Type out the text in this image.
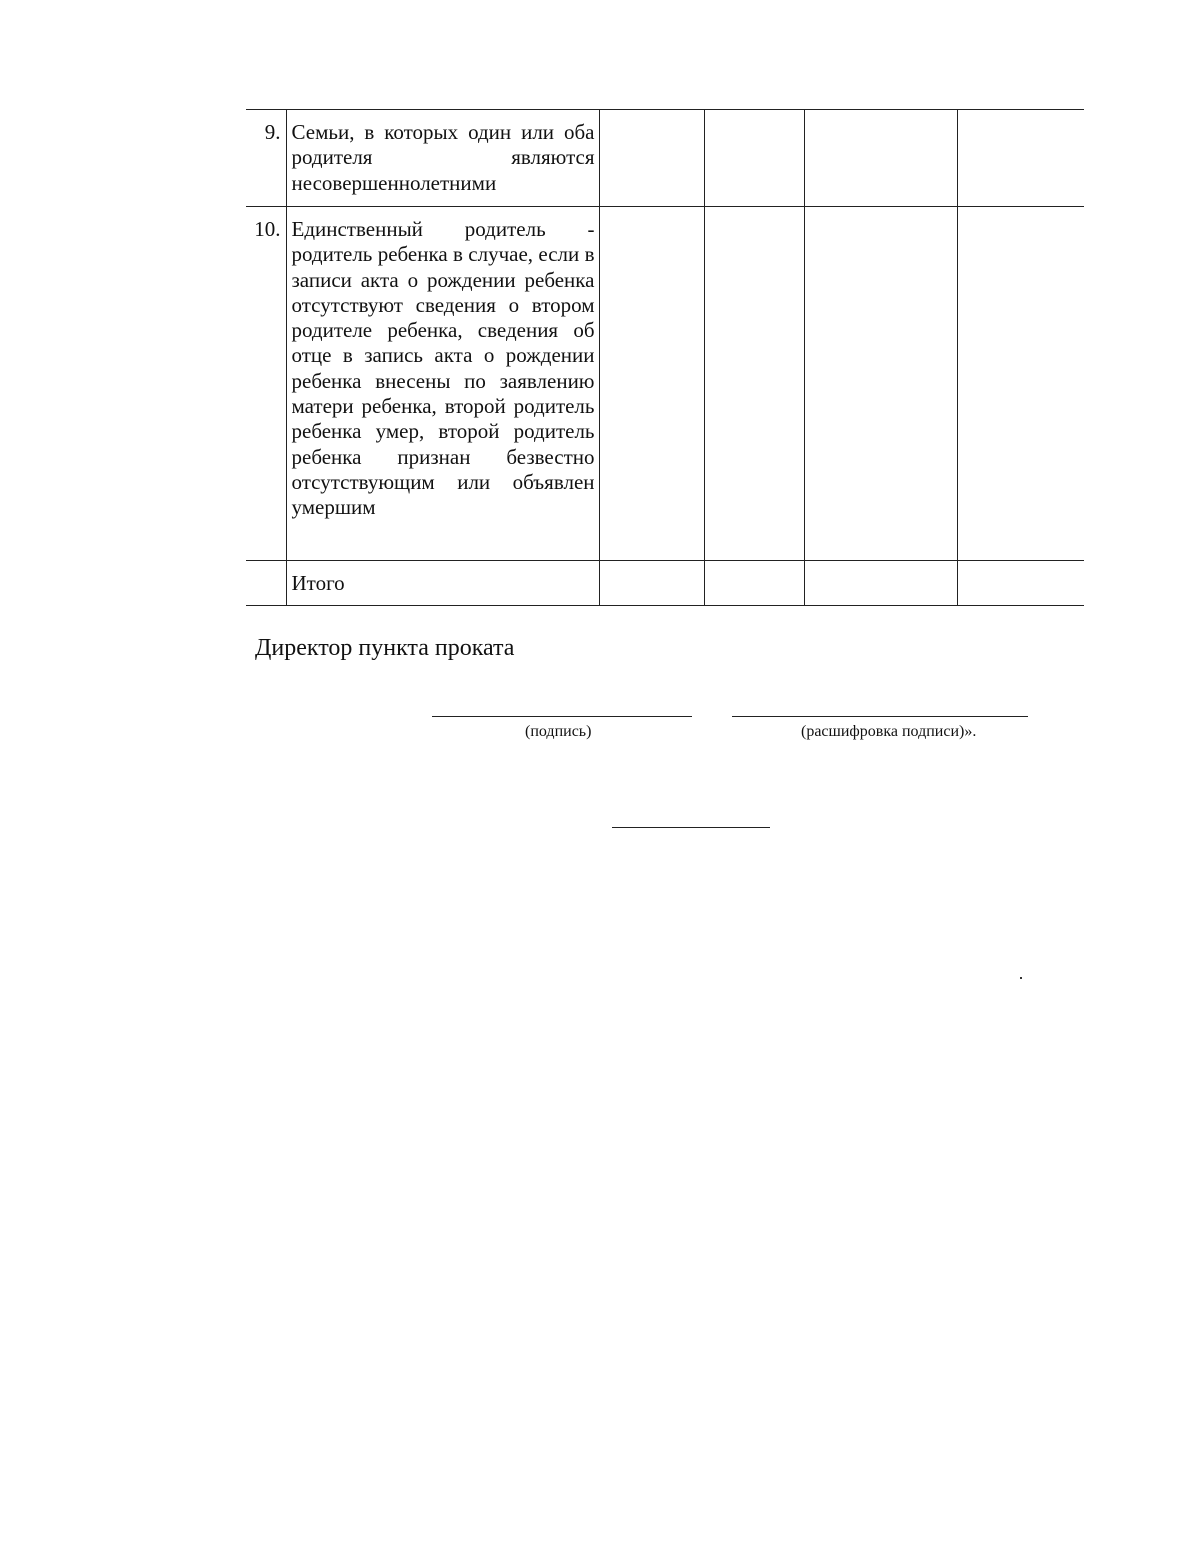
9.	Семьи, в которых один или оба родителя являются несовершеннолетними				
10.	Единственный родитель - родитель ребенка в случае, если в записи акта о рождении ребенка отсутствуют сведения о втором родителе ребенка, сведения об отце в запись акта о рождении ребенка внесены по заявлению матери ребенка, второй родитель ребенка умер, второй родитель ребенка признан безвестно отсутствующим или объявлен умершим				
	Итого				
Директор пункта проката
(подпись)	(расшифровка подписи)».
